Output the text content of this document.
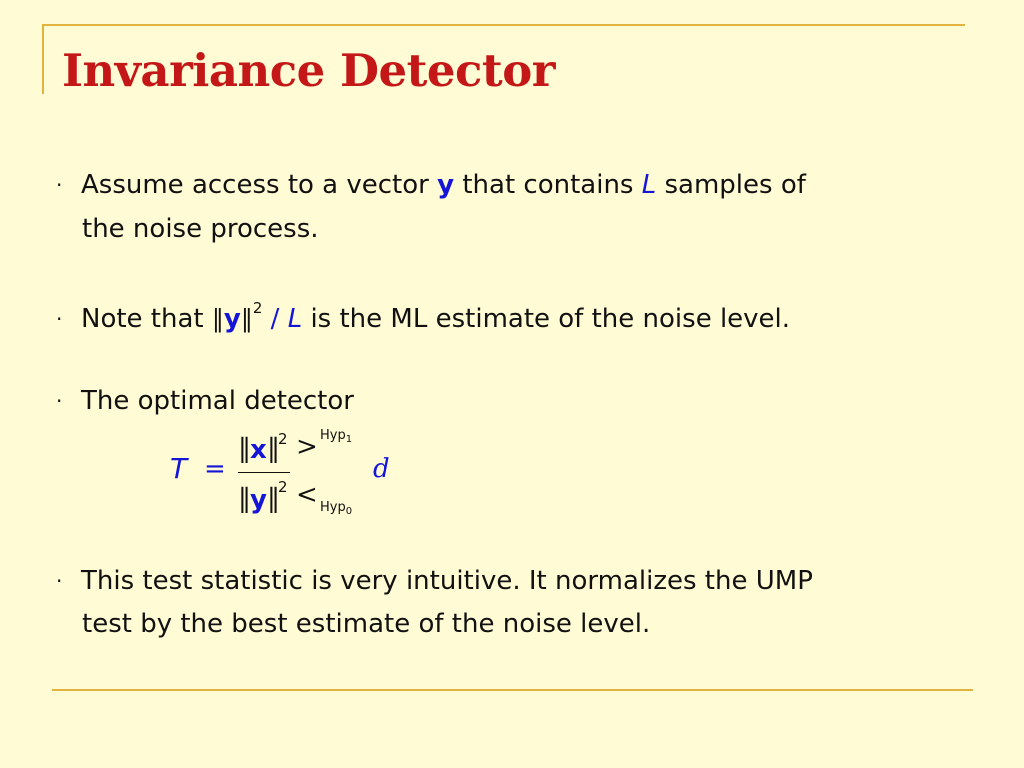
Invariance Detector
· Assume access to a vector y that contains L samples of
the noise process.
· Note that ‖y‖$^2$ / L is the ML estimate of the noise level.
· The optimal detector
T =
‖ x ‖
2
‖ y ‖
2
> Hyp$_1$
< Hyp$_0$
d
· This test statistic is very intuitive. It normalizes the UMP
test by the best estimate of the noise level.
